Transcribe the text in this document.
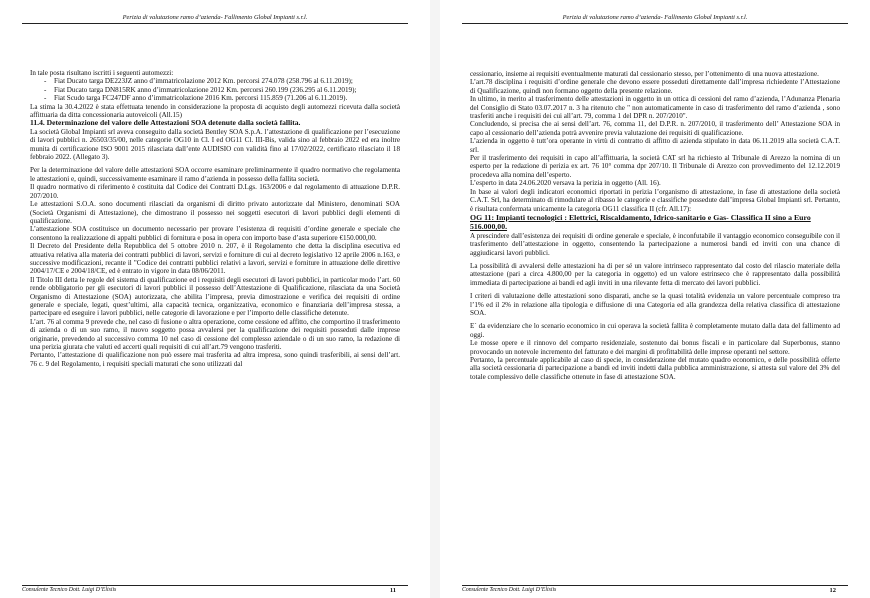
Perizia di valutazione ramo d’azienda- Fallimento Global Impianti s.r.l.

In tale posta risultano iscritti i seguenti automezzi:

- Fiat Ducato targa DE223JZ anno d’immatricolazione 2012 Km. percorsi 274.078 (258.796 al 6.11.2019);
- Fiat Ducato targa DN815RK anno d’immatricolazione 2012 Km. percorsi 260.199 (236.295 al 6.11.2019);
- Fiat Scudo targa FC247DF anno d’immatricolazione 2016 Km. percorsi 115.859 (71.206 al 6.11.2019).

La stima la 30.4.2022 è stata effettuata tenendo in considerazione la proposta di acquisto degli automezzi ricevuta dalla società affittuaria da ditta concessionaria autoveicoli (All.15)

11.4. Determinazione del valore delle Attestazioni SOA detenute dalla società fallita.

La società Global Impianti srl aveva conseguito dalla società Bentley SOA S.p.A. l’attestazione di qualificazione per l’esecuzione di lavori pubblici n. 26503/35/00, nelle categorie OG10 in Cl. I ed OG11 Cl. III-Bis, valida sino al febbraio 2022 ed era inoltre munita di certificazione ISO 9001 2015 rilasciata dall’ente AUDISIO con validità fino al 17/02/2022, certificato rilasciato il 18 febbraio 2022. (Allegato 3).

Per la determinazione del valore delle attestazioni SOA occorre esaminare preliminarmente il quadro normativo che regolamenta le attestazioni e, quindi, successivamente esaminare il ramo d’azienda in possesso della fallita società.

Il quadro normativo di riferimento è costituita dal Codice dei Contratti D.Lgs. 163/2006 e dal regolamento di attuazione D.P.R. 207/2010.

Le attestazioni S.O.A. sono documenti rilasciati da organismi di diritto privato autorizzate dal Ministero, denominati SOA (Società Organismi di Attestazione), che dimostrano il possesso nei soggetti esecutori di lavori pubblici degli elementi di qualificazione.

L’attestazione SOA costituisce un documento necessario per provare l’esistenza di requisiti d’ordine generale e speciale che consentono la realizzazione di appalti pubblici di fornitura e posa in opera con importo base d’asta superiore €150.000,00.

Il Decreto del Presidente della Repubblica del 5 ottobre 2010 n. 207, è il Regolamento che detta la disciplina esecutiva ed attuativa relativa alla materia dei contratti pubblici di lavori, servizi e forniture di cui al decreto legislativo 12 aprile 2006 n.163, e successive modificazioni, recante il "Codice dei contratti pubblici relativi a lavori, servizi e forniture in attuazione delle direttive 2004/17/CE e 2004/18/CE, ed è entrato in vigore in data 08/06/2011.

Il Titolo III detta le regole del sistema di qualificazione ed i requisiti degli esecutori di lavori pubblici, in particolar modo l’art. 60 rende obbligatorio per gli esecutori di lavori pubblici il possesso dell’Attestazione di Qualificazione, rilasciata da una Società Organismo di Attestazione (SOA) autorizzata, che abilita l’impresa, previa dimostrazione e verifica dei requisiti di ordine generale e speciale, legati, quest’ultimi, alla capacità tecnica, organizzativa, economico e finanziaria dell’impresa stessa, a partecipare ed eseguire i lavori pubblici, nelle categorie di lavorazione e per l’importo delle classifiche detenute.

L’art. 76 al comma 9 prevede che, nel caso di fusione o altra operazione, come cessione ed affitto, che comportino il trasferimento di azienda o di un suo ramo, il nuovo soggetto possa avvalersi per la qualificazione dei requisiti posseduti dalle imprese originarie, prevedendo al successivo comma 10 nel caso di cessione del complesso aziendale o di un suo ramo, la redazione di una perizia giurata che valuti ed accerti quali requisiti di cui all’art.79 vengono trasferiti.

Pertanto, l’attestazione di qualificazione non può essere mai trasferita ad altra impresa, sono quindi trasferibili, ai sensi dell’art. 76 c. 9 del Regolamento, i requisiti speciali maturati che sono utilizzati dal

Consulente Tecnico Dott. Luigi D’Elisiis	11
Perizia di valutazione ramo d’azienda- Fallimento Global Impianti s.r.l.

cessionario, insieme ai requisiti eventualmente maturati dal cessionario stesso, per l’ottenimento di una nuova attestazione.

L’art.78 disciplina i requisiti d’ordine generale che devono essere posseduti direttamente dall’impresa richiedente l’Attestazione di Qualificazione, quindi non formano oggetto della presente relazione.

In ultimo, in merito al trasferimento delle attestazioni in oggetto in un ottica di cessioni del ramo d’azienda, l’Adunanza Plenaria del Consiglio di Stato 03.07.2017 n. 3 ha ritenuto che " non automaticamente in caso di trasferimento del ramo d’azienda , sono trasferiti anche i requisiti dei cui all’art. 79, comma 1 del DPR n. 207/2010".

Concludendo, si precisa che ai sensi dell’art. 76, comma 11, del D.P.R. n. 207/2010, il trasferimento dell’ Attestazione SOA in capo al cessionario dell’azienda potrà avvenire previa valutazione dei requisiti di qualificazione.

L’azienda in oggetto è tutt’ora operante in virtù di contratto di affitto di azienda stipulato in data 06.11.2019 alla società C.A.T. srl.

Per il trasferimento dei requisiti in capo all’affittuaria, la società CAT srl ha richiesto al Tribunale di Arezzo la nomina di un esperto per la redazione di perizia ex art. 76 10° comma dpr 207/10. Il Tribunale di Arezzo con provvedimento del 12.12.2019 procedeva alla nomina dell’esperto.

L’esperto in data 24.06.2020 versava la perizia in oggetto (All. 16).

In base ai valori degli indicatori economici riportati in perizia l’organismo di attestazione, in fase di attestazione della società C.A.T. Srl, ha determinato di rimodulare al ribasso le categorie e classifiche possedute dall’impresa Global Impianti srl. Pertanto, è risultata confermata unicamente la categoria OG11 classifica II (cfr. All.17):

OG 11: Impianti tecnologici : Elettrici, Riscaldamento, Idrico-sanitario e Gas- Classifica II sino a Euro 516.000,00.

A prescindere dall’esistenza dei requisiti di ordine generale e speciale, è inconfutabile il vantaggio economico conseguibile con il trasferimento dell’attestazione in oggetto, consentendo la partecipazione a numerosi bandi ed inviti con una chance di aggiudicarsi lavori pubblici.

La possibilità di avvalersi delle attestazioni ha di per sé un valore intrinseco rappresentato dal costo del rilascio materiale della attestazione (pari a circa 4.800,00 per la categoria in oggetto) ed un valore estrinseco che è rappresentato dalla possibilità immediata di partecipazione ai bandi ed agli inviti in una rilevante fetta di mercato dei lavori pubblici.

I criteri di valutazione delle attestazioni sono disparati, anche se la quasi totalità evidenzia un valore percentuale compreso tra l’1% ed il 2% in relazione alla tipologia e diffusione di una Categoria ed alla grandezza della relativa classifica di attestazione SOA.

E` da evidenziare che lo scenario economico in cui operava la società fallita è completamente mutato dalla data del fallimento ad oggi.

Le mosse opere e il rinnovo del comparto residenziale, sostenuto dai bonus fiscali e in particolare dal Superbonus, stanno provocando un notevole incremento del fatturato e dei margini di profittabilità delle imprese operanti nel settore.

Pertanto, la percentuale applicabile al caso di specie, in considerazione del mutato quadro economico, e delle possibilità offerte alla società cessionaria di partecipazione a bandi ed inviti indetti dalla pubblica amministrazione, si attesta sul valore del 3% del totale complessivo delle classifiche ottenute in fase di attestazione SOA.

Consulente Tecnico Dott. Luigi D’Elisiis	12
